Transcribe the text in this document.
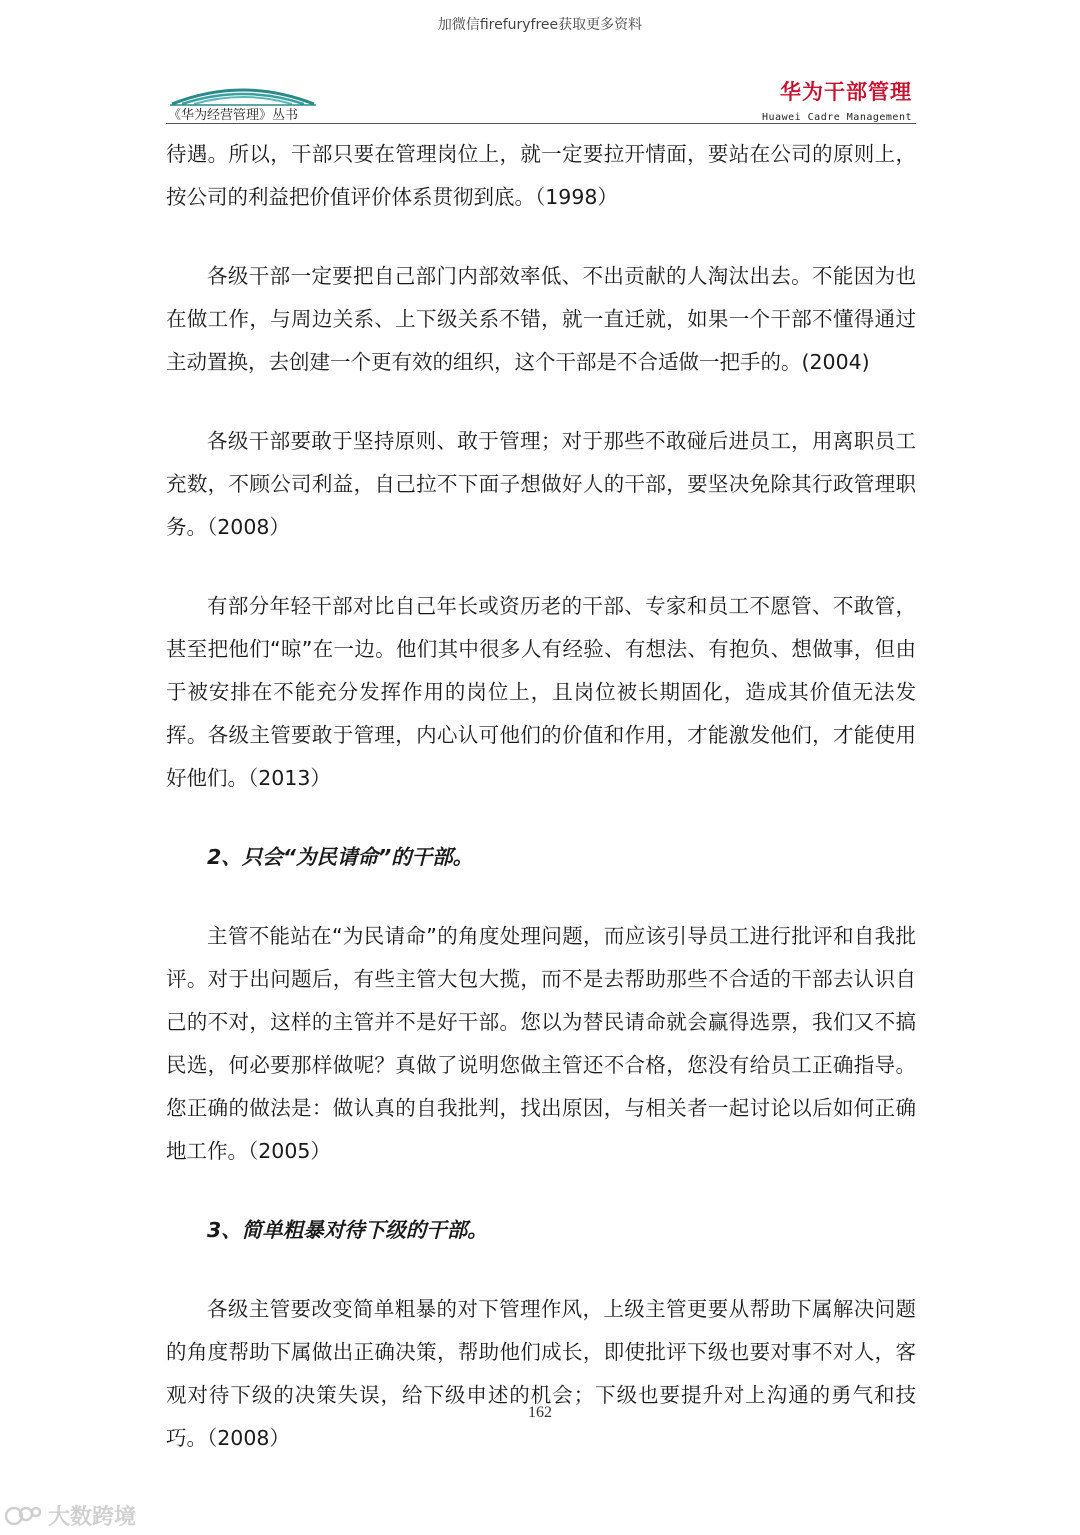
加微信firefuryfree获取更多资料
《华为经营管理》丛书
华为干部管理
Huawei Cadre Management

待遇。所以，干部只要在管理岗位上，就一定要拉开情面，要站在公司的原则上，按公司的利益把价值评价体系贯彻到底。（1998）

各级干部一定要把自己部门内部效率低、不出贡献的人淘汰出去。不能因为也在做工作，与周边关系、上下级关系不错，就一直迁就，如果一个干部不懂得通过主动置换，去创建一个更有效的组织，这个干部是不合适做一把手的。(2004)

各级干部要敢于坚持原则、敢于管理；对于那些不敢碰后进员工，用离职员工充数，不顾公司利益，自己拉不下面子想做好人的干部，要坚决免除其行政管理职务。（2008）

有部分年轻干部对比自己年长或资历老的干部、专家和员工不愿管、不敢管，甚至把他们“晾”在一边。他们其中很多人有经验、有想法、有抱负、想做事，但由于被安排在不能充分发挥作用的岗位上，且岗位被长期固化，造成其价值无法发挥。各级主管要敢于管理，内心认可他们的价值和作用，才能激发他们，才能使用好他们。（2013）

2、只会“为民请命”的干部。

主管不能站在“为民请命”的角度处理问题，而应该引导员工进行批评和自我批评。对于出问题后，有些主管大包大揽，而不是去帮助那些不合适的干部去认识自己的不对，这样的主管并不是好干部。您以为替民请命就会赢得选票，我们又不搞民选，何必要那样做呢？真做了说明您做主管还不合格，您没有给员工正确指导。您正确的做法是：做认真的自我批判，找出原因，与相关者一起讨论以后如何正确地工作。（2005）

3、简单粗暴对待下级的干部。

各级主管要改变简单粗暴的对下管理作风，上级主管更要从帮助下属解决问题的角度帮助下属做出正确决策，帮助他们成长，即使批评下级也要对事不对人，客观对待下级的决策失误，给下级申述的机会；下级也要提升对上沟通的勇气和技巧。（2008）

162
大数跨境
